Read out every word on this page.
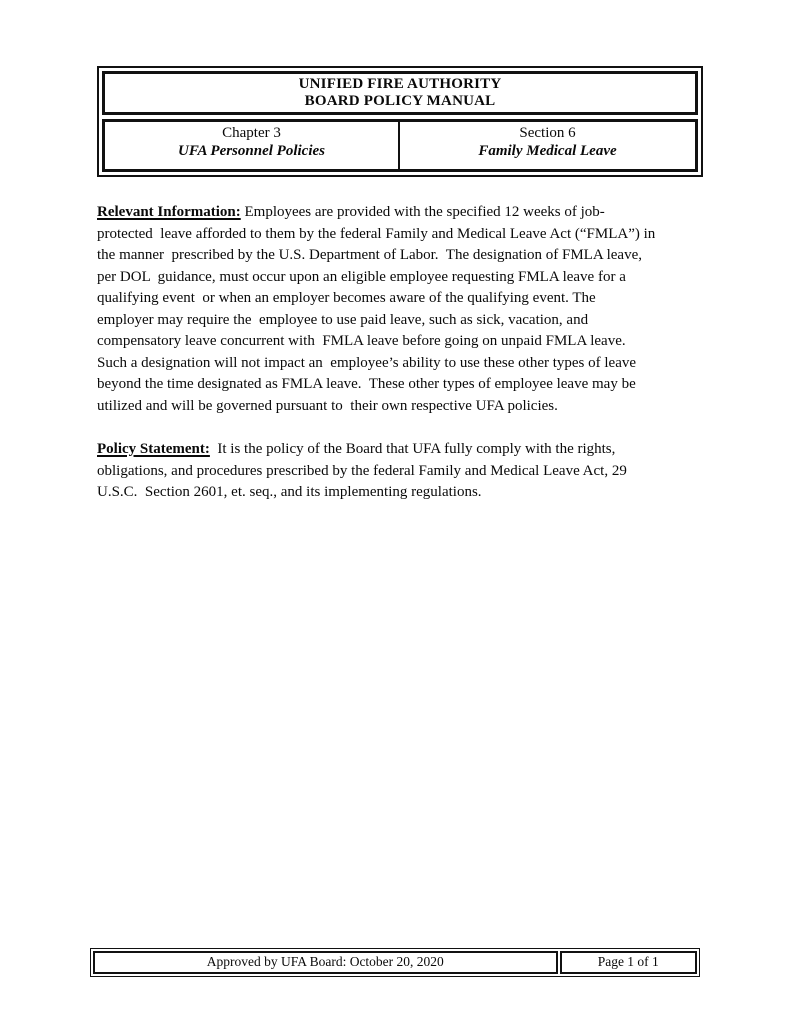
UNIFIED FIRE AUTHORITY
BOARD POLICY MANUAL
Chapter 3
UFA Personnel Policies
Section 6
Family Medical Leave
Relevant Information: Employees are provided with the specified 12 weeks of job-
protected  leave afforded to them by the federal Family and Medical Leave Act (“FMLA”) in
the manner  prescribed by the U.S. Department of Labor.  The designation of FMLA leave,
per DOL  guidance, must occur upon an eligible employee requesting FMLA leave for a
qualifying event  or when an employer becomes aware of the qualifying event. The
employer may require the  employee to use paid leave, such as sick, vacation, and
compensatory leave concurrent with  FMLA leave before going on unpaid FMLA leave.
Such a designation will not impact an  employee’s ability to use these other types of leave
beyond the time designated as FMLA leave.  These other types of employee leave may be
utilized and will be governed pursuant to  their own respective UFA policies.
Policy Statement:  It is the policy of the Board that UFA fully comply with the rights,
obligations, and procedures prescribed by the federal Family and Medical Leave Act, 29
U.S.C.  Section 2601, et. seq., and its implementing regulations.
Approved by UFA Board: October 20, 2020	Page 1 of 1
